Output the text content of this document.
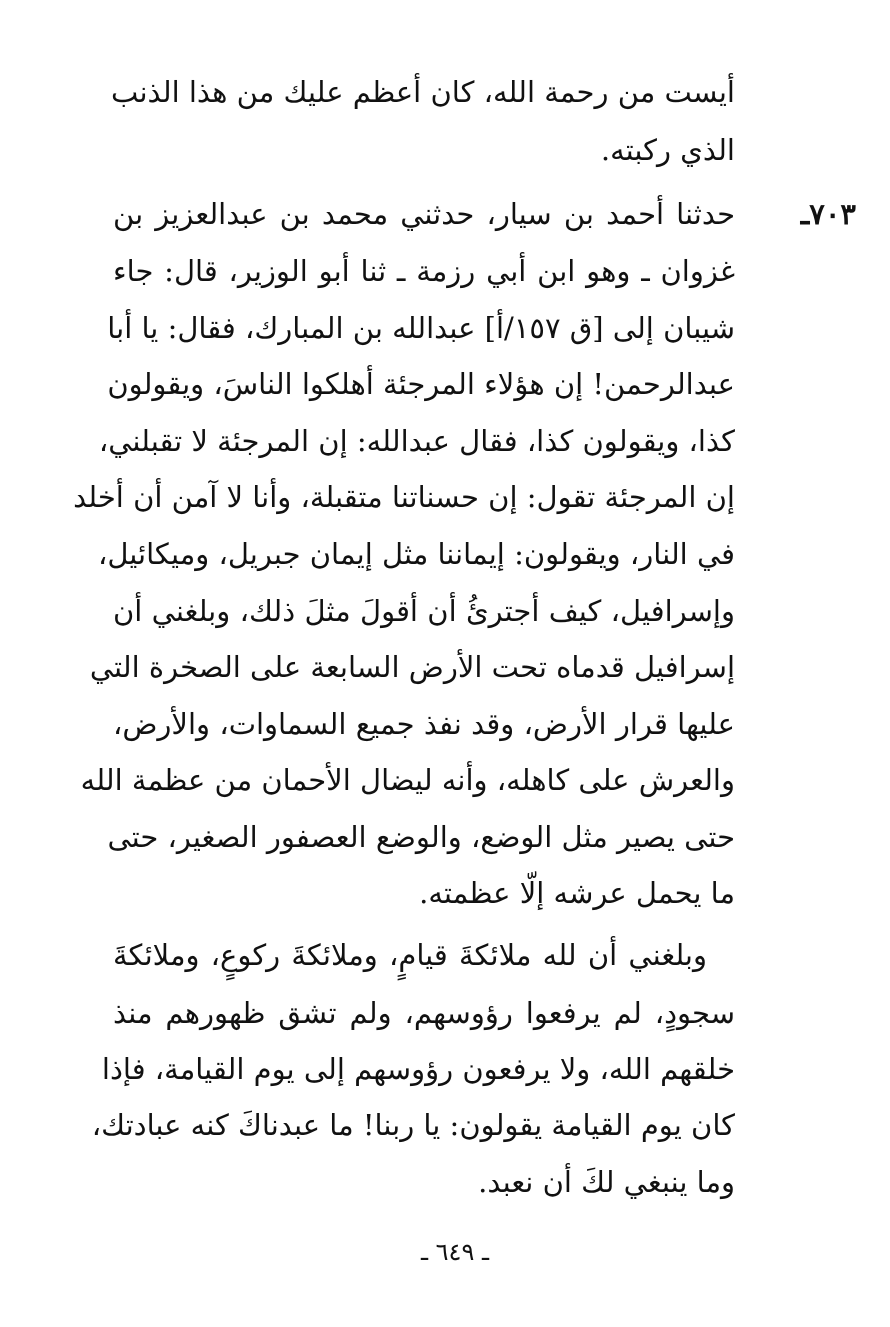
أيست من رحمة الله، كان أعظم عليك من هذا الذنب
الذي ركبته.
٧٠٣ـ
حدثنا أحمد بن سيار، حدثني محمد بن عبدالعزيز بن
غزوان ـ وهو ابن أبي رزمة ـ ثنا أبو الوزير، قال: جاء
شيبان إلى [ق ١٥٧/أ] عبدالله بن المبارك، فقال: يا أبا
عبدالرحمن! إن هؤلاء المرجئة أهلكوا الناسَ، ويقولون
كذا، ويقولون كذا، فقال عبدالله: إن المرجئة لا تقبلني،
إن المرجئة تقول: إن حسناتنا متقبلة، وأنا لا آمن أن أخلد
في النار، ويقولون: إيماننا مثل إيمان جبريل، وميكائيل،
وإسرافيل، كيف أجترئُ أن أقولَ مثلَ ذلك، وبلغني أن
إسرافيل قدماه تحت الأرض السابعة على الصخرة التي
عليها قرار الأرض، وقد نفذ جميع السماوات، والأرض،
والعرش على كاهله، وأنه ليضال الأحمان من عظمة الله
حتى يصير مثل الوضع، والوضع العصفور الصغير، حتى
ما يحمل عرشه إلّا عظمته.
وبلغني أن لله ملائكةَ قيامٍ، وملائكةَ ركوعٍ، وملائكةَ
سجودٍ، لم يرفعوا رؤوسهم، ولم تشق ظهورهم منذ
خلقهم الله، ولا يرفعون رؤوسهم إلى يوم القيامة، فإذا
كان يوم القيامة يقولون: يا ربنا! ما عبدناكَ كنه عبادتك،
وما ينبغي لكَ أن نعبد.
ـ ٦٤٩ ـ
